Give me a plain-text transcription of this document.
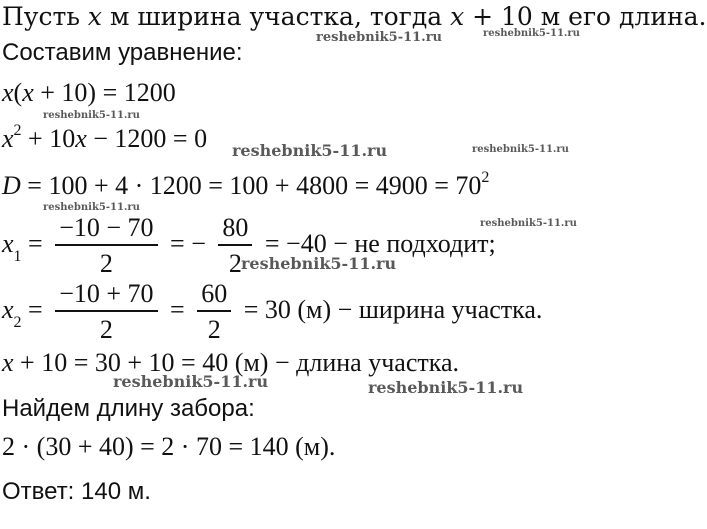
Пусть x м ширина участка, тогда x + 10 м его длина.
Составим уравнение:
x(x + 10) = 1200
$x^2 + 10x - 1200 = 0$
$D = 100 + 4 \cdot 1200 = 100 + 4800 = 4900 = 70^2$
$x_1 = \frac{-10 - 70}{2}$ = − $\frac{80}{2} = -40$ − не подходит;
$x_2 = \frac{-10 + 70}{2} = \frac{60}{2} = 30$ (м) − ширина участка.
x + 10 = 30 + 10 = 40 (м) − длина участка.
Найдем длину забора:
2 · (30 + 40) = 2 · 70 = 140 (м).
Ответ: 140 м.
reshebnik5-11.ru	reshebnik5-11.ru
reshebnik5-11.ru
reshebnik5-11.ru	reshebnik5-11.ru
reshebnik5-11.ru
reshebnik5-11.ru
reshebnik5-11.ru
reshebnik5-11.ru	reshebnik5-11.ru
